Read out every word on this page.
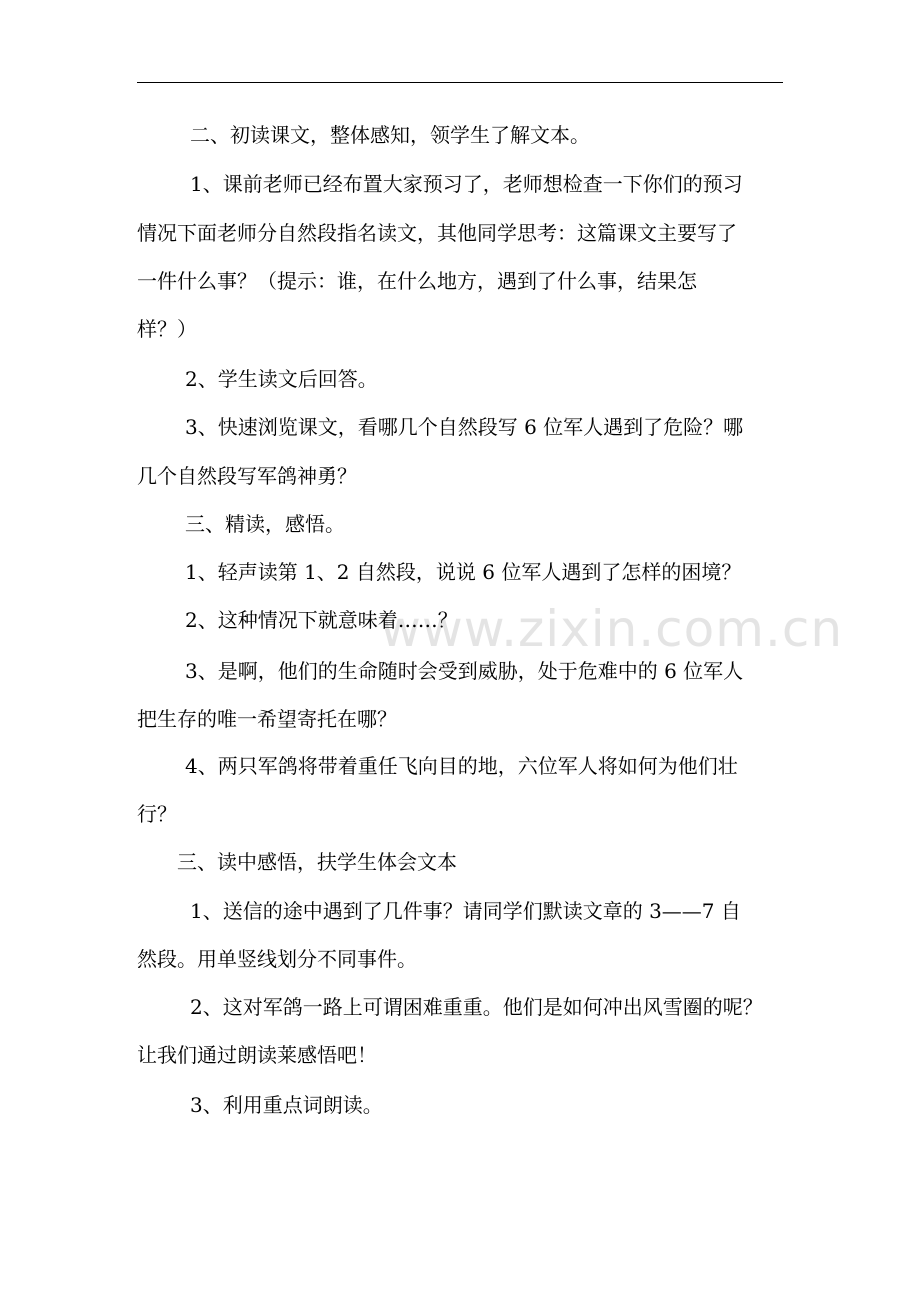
www.zixin.com.cn
二、初读课文，整体感知，领学生了解文本。
1、课前老师已经布置大家预习了，老师想检查一下你们的预习
情况下面老师分自然段指名读文，其他同学思考：这篇课文主要写了
一件什么事？（提示：谁，在什么地方，遇到了什么事，结果怎
样？）
2、学生读文后回答。
3、快速浏览课文，看哪几个自然段写 6 位军人遇到了危险？哪
几个自然段写军鸽神勇？
三、精读，感悟。
1、轻声读第 1、2 自然段，说说 6 位军人遇到了怎样的困境？
2、这种情况下就意味着……？
3、是啊，他们的生命随时会受到威胁，处于危难中的 6 位军人
把生存的唯一希望寄托在哪？
4、两只军鸽将带着重任飞向目的地，六位军人将如何为他们壮
行？
三、读中感悟，扶学生体会文本
1、送信的途中遇到了几件事？请同学们默读文章的 3——7 自
然段。用单竖线划分不同事件。
2、这对军鸽一路上可谓困难重重。他们是如何冲出风雪圈的呢？
让我们通过朗读莱感悟吧！
3、利用重点词朗读。
